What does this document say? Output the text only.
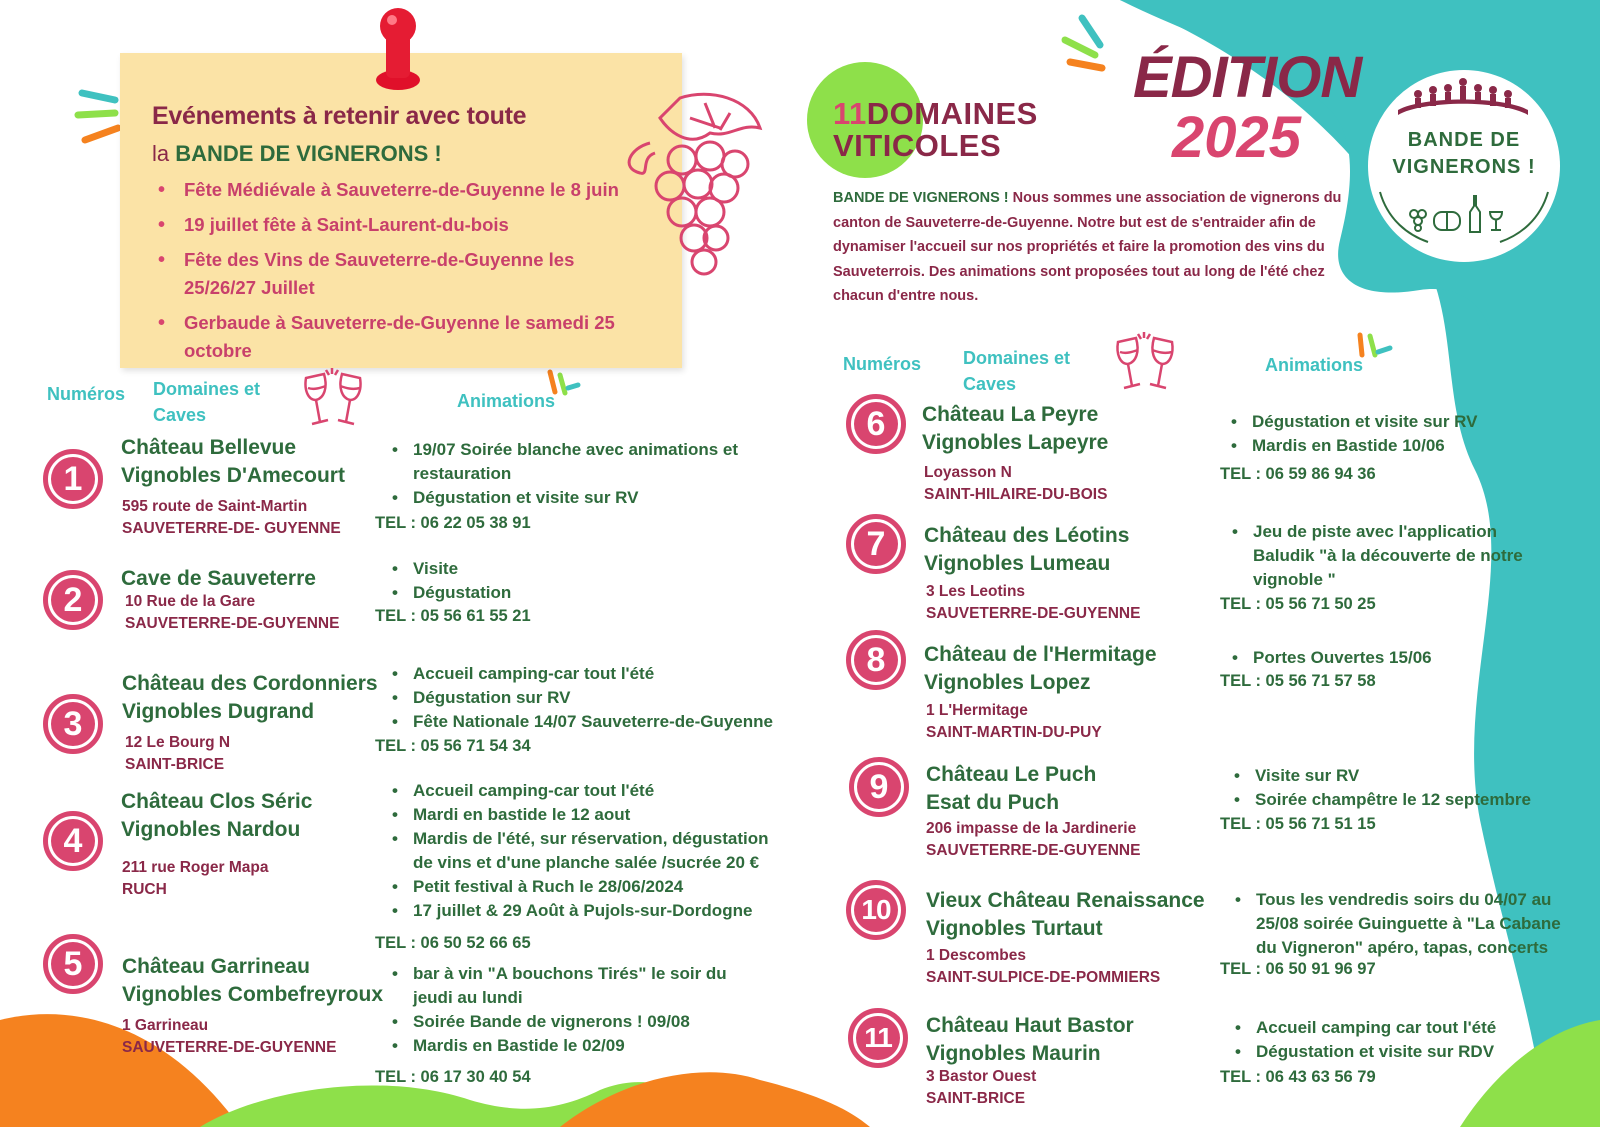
Evénements à retenir avec toute
la BANDE DE VIGNERONS !
• Fête Médiévale à Sauveterre-de-Guyenne le 8 juin
• 19 juillet fête à Saint-Laurent-du-bois
• Fête des Vins de Sauveterre-de-Guyenne les 25/26/27 Juillet
• Gerbaude à Sauveterre-de-Guyenne le samedi 25 octobre
Numéros Domaines et
Caves
Animations
1
Château Bellevue
Vignobles D'Amecourt
595 route de Saint-Martin
SAUVETERRE-DE- GUYENNE
• 19/07 Soirée blanche avec animations et restauration
• Dégustation et visite sur RV
TEL : 06 22 05 38 91
2
Cave de Sauveterre
10 Rue de la Gare
SAUVETERRE-DE-GUYENNE
• Visite
• Dégustation
TEL : 05 56 61 55 21
3
Château des Cordonniers
Vignobles Dugrand
12 Le Bourg N
SAINT-BRICE
• Accueil camping-car tout l'été
• Dégustation sur RV
• Fête Nationale 14/07 Sauveterre-de-Guyenne
TEL : 05 56 71 54 34
4
Château Clos Séric
Vignobles Nardou
211 rue Roger Mapa
RUCH
• Accueil camping-car tout l'été
• Mardi en bastide le 12 aout
• Mardis de l'été, sur réservation, dégustation de vins et d'une planche salée /sucrée 20 €
• Petit festival à Ruch le 28/06/2024
• 17 juillet & 29 Août à Pujols-sur-Dordogne
TEL : 06 50 52 66 65
5	Château Garrineau
Vignobles Combefreyroux
1 Garrineau
SAUVETERRE-DE-GUYENNE
• bar à vin "A bouchons Tirés" le soir du jeudi au lundi
• Soirée Bande de vignerons ! 09/08
• Mardis en Bastide le 02/09
TEL : 06 17 30 40 54
11DOMAINES
VITICOLES
ÉDITION
2025
BANDE DE VIGNERONS ! Nous sommes une association de vignerons du canton de Sauveterre-de-Guyenne. Notre but est de s'entraider afin de dynamiser l'accueil sur nos propriétés et faire la promotion des vins du Sauveterrois. Des animations sont proposées tout au long de l'été chez chacun d'entre nous.
BANDE DE
VIGNERONS !
Numéros Domaines et
Caves
Animations
6	Château La Peyre
Vignobles Lapeyre
Loyasson N
SAINT-HILAIRE-DU-BOIS
• Dégustation et visite sur RV
• Mardis en Bastide 10/06
TEL : 06 59 86 94 36
7	Château des Léotins
Vignobles Lumeau
3 Les Leotins
SAUVETERRE-DE-GUYENNE
• Jeu de piste avec l'application Baludik "à la découverte de notre vignoble "
TEL : 05 56 71 50 25
8	Château de l'Hermitage
Vignobles Lopez
1 L'Hermitage
SAINT-MARTIN-DU-PUY
• Portes Ouvertes 15/06
TEL : 05 56 71 57 58
9	Château Le Puch
Esat du Puch
206 impasse de la Jardinerie
SAUVETERRE-DE-GUYENNE
• Visite sur RV
• Soirée champêtre le 12 septembre
TEL : 05 56 71 51 15
10	Vieux Château Renaissance
Vignobles Turtaut
1 Descombes
SAINT-SULPICE-DE-POMMIERS
• Tous les vendredis soirs du 04/07 au 25/08 soirée Guinguette à "La Cabane du Vigneron" apéro, tapas, concerts
TEL : 06 50 91 96 97
11	Château Haut Bastor
Vignobles Maurin
3 Bastor Ouest
SAINT-BRICE
• Accueil camping car tout l'été
• Dégustation et visite sur RDV
TEL : 06 43 63 56 79
